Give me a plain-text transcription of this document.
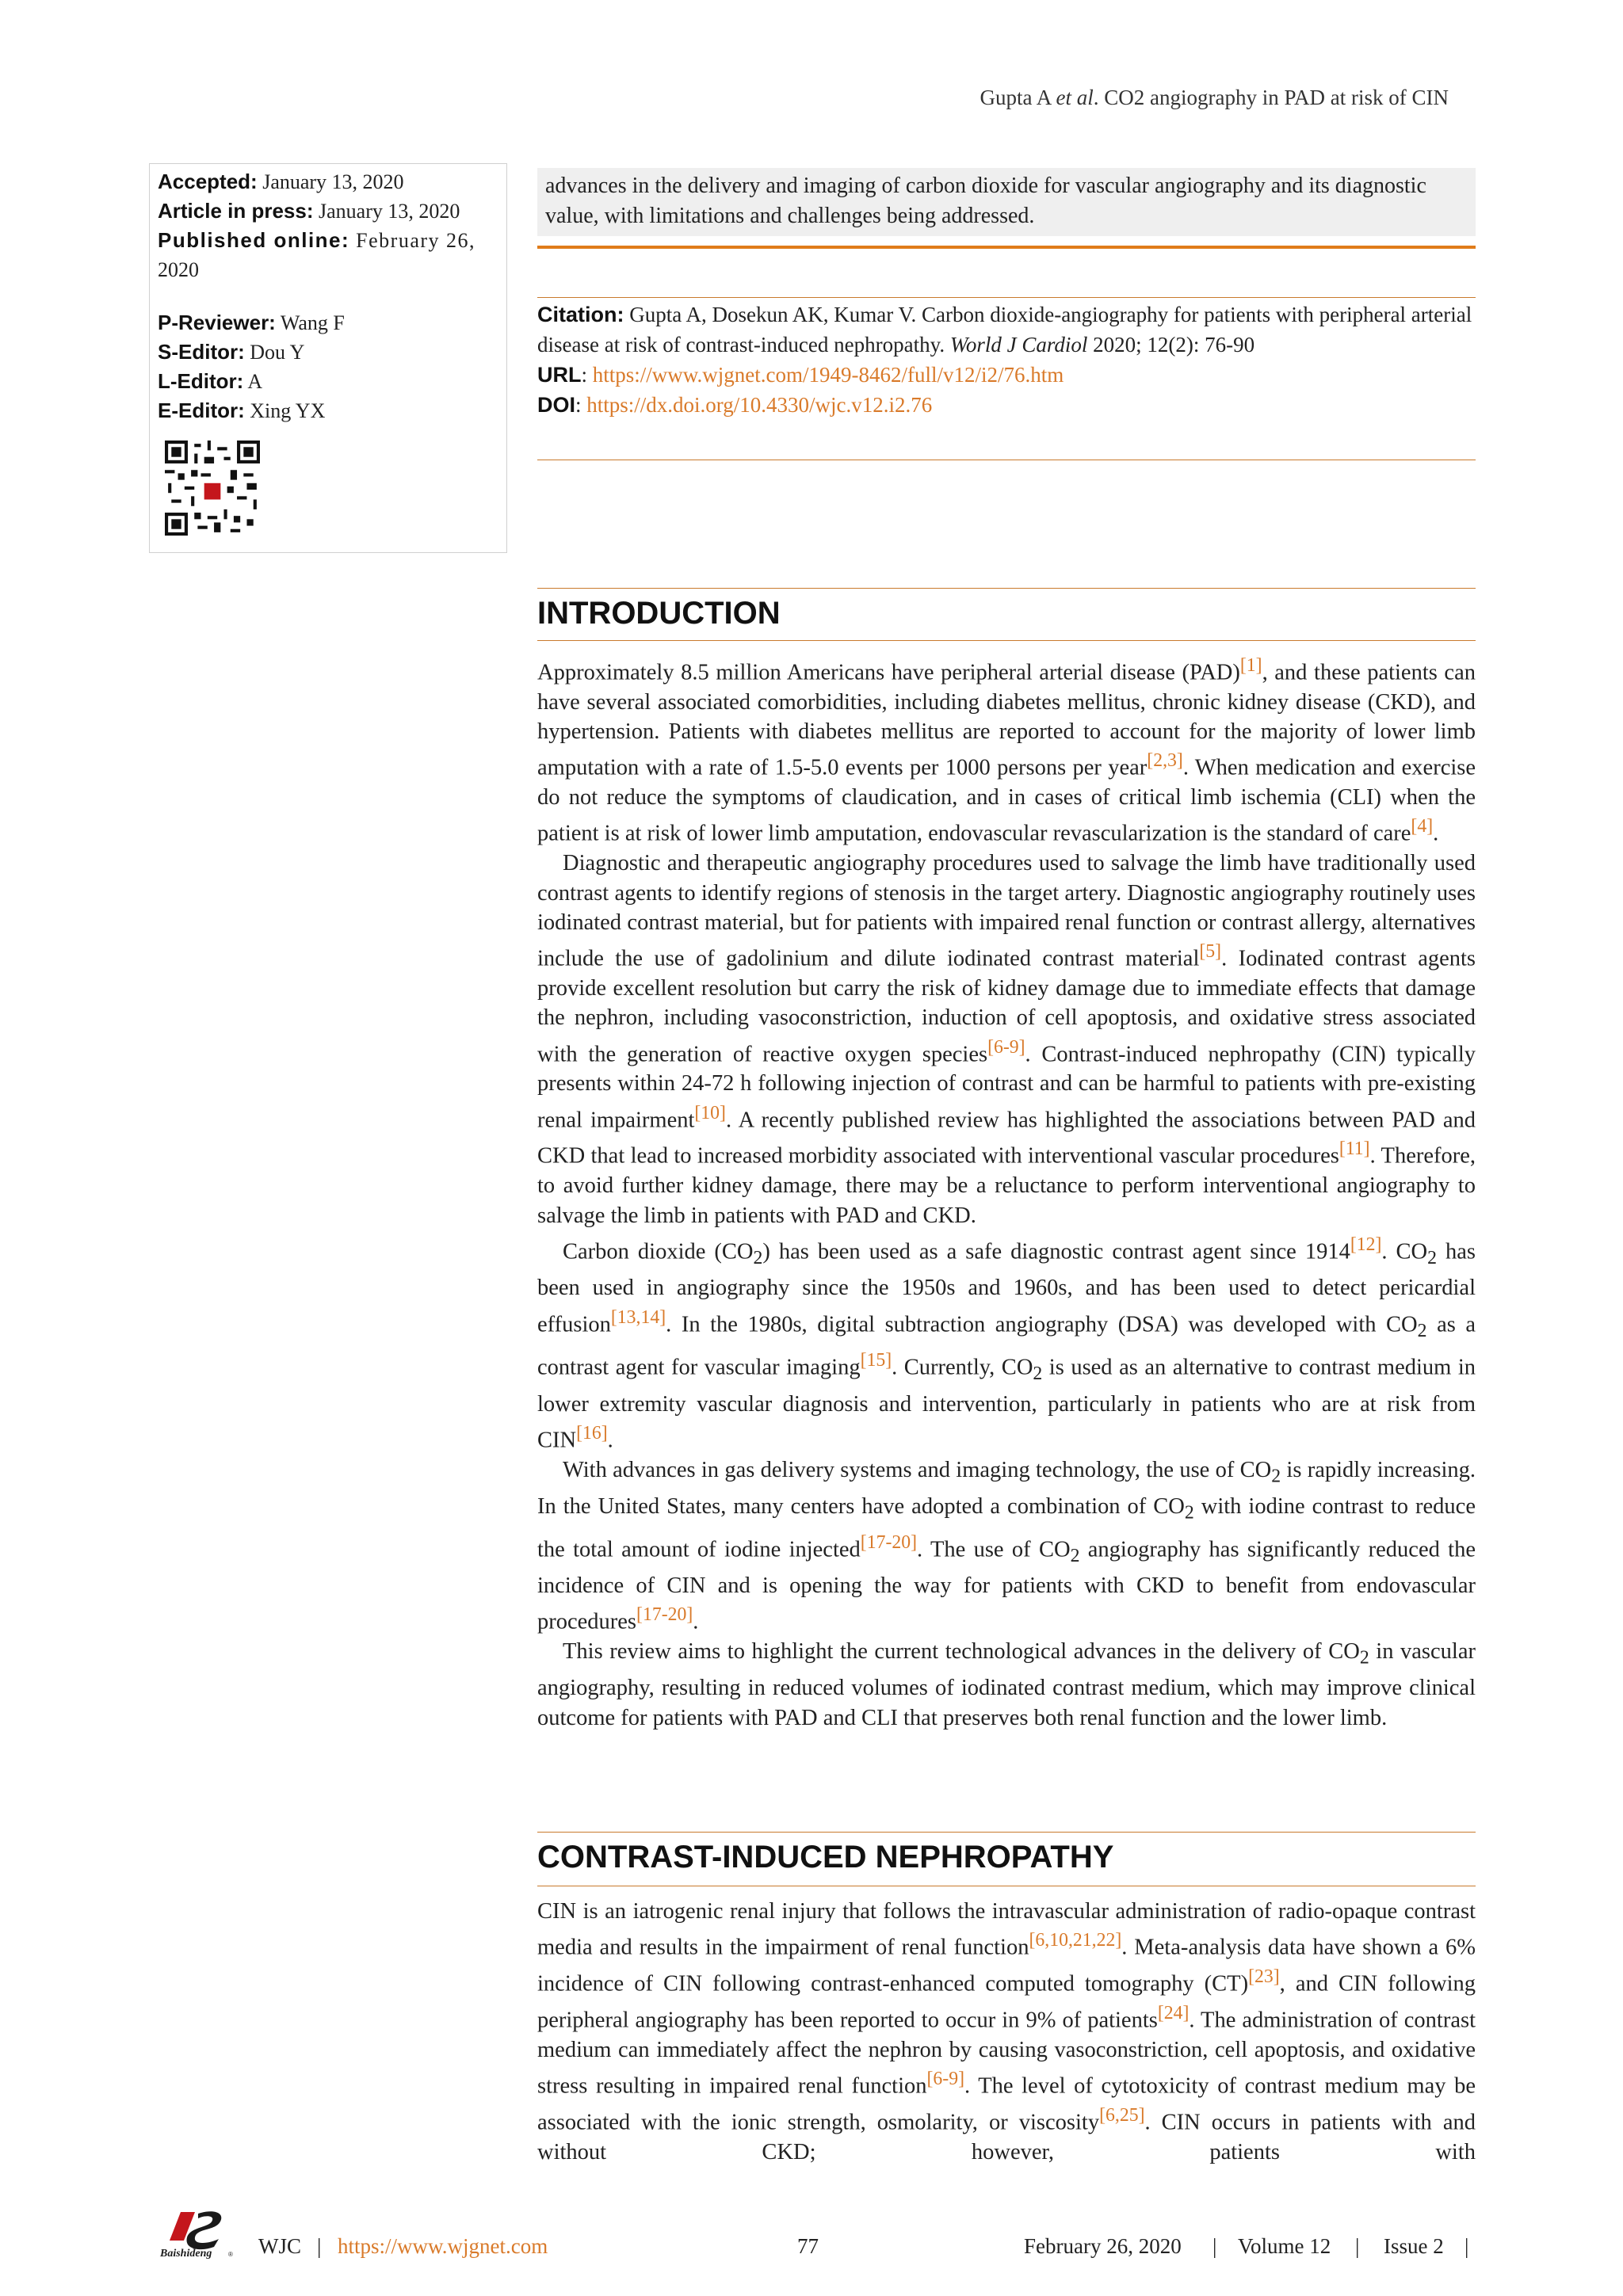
Gupta A et al. CO2 angiography in PAD at risk of CIN
Accepted: January 13, 2020
Article in press: January 13, 2020
Published online: February 26,
2020
P-Reviewer: Wang F
S-Editor: Dou Y
L-Editor: A
E-Editor: Xing YX
advances in the delivery and imaging of carbon dioxide for vascular angiography and its diagnostic value, with limitations and challenges being addressed.
Citation: Gupta A, Dosekun AK, Kumar V. Carbon dioxide-angiography for patients with peripheral arterial disease at risk of contrast-induced nephropathy. World J Cardiol 2020; 12(2): 76-90
URL: https://www.wjgnet.com/1949-8462/full/v12/i2/76.htm
DOI: https://dx.doi.org/10.4330/wjc.v12.i2.76
INTRODUCTION

Approximately 8.5 million Americans have peripheral arterial disease (PAD)[1], and these patients can have several associated comorbidities, including diabetes mellitus, chronic kidney disease (CKD), and hypertension. Patients with diabetes mellitus are reported to account for the majority of lower limb amputation with a rate of 1.5-5.0 events per 1000 persons per year[2,3]. When medication and exercise do not reduce the symptoms of claudication, and in cases of critical limb ischemia (CLI) when the patient is at risk of lower limb amputation, endovascular revascularization is the standard of care[4].

Diagnostic and therapeutic angiography procedures used to salvage the limb have traditionally used contrast agents to identify regions of stenosis in the target artery. Diagnostic angiography routinely uses iodinated contrast material, but for patients with impaired renal function or contrast allergy, alternatives include the use of gadolinium and dilute iodinated contrast material[5]. Iodinated contrast agents provide excellent resolution but carry the risk of kidney damage due to immediate effects that damage the nephron, including vasoconstriction, induction of cell apoptosis, and oxidative stress associated with the generation of reactive oxygen species[6-9]. Contrast-induced nephropathy (CIN) typically presents within 24-72 h following injection of contrast and can be harmful to patients with pre-existing renal impairment[10]. A recently published review has highlighted the associations between PAD and CKD that lead to increased morbidity associated with interventional vascular procedures[11]. Therefore, to avoid further kidney damage, there may be a reluctance to perform interventional angiography to salvage the limb in patients with PAD and CKD.

Carbon dioxide $(CO_2)$ has been used as a safe diagnostic contrast agent since 1914[12]. $CO_2$ has been used in angiography since the 1950s and 1960s, and has been used to detect pericardial effusion[13,14]. In the 1980s, digital subtraction angiography (DSA) was developed with $CO_2$ as a contrast agent for vascular imaging[15]. Currently, $CO_2$ is used as an alternative to contrast medium in lower extremity vascular diagnosis and intervention, particularly in patients who are at risk from CIN[16].

With advances in gas delivery systems and imaging technology, the use of $CO_2$ is rapidly increasing. In the United States, many centers have adopted a combination of $CO_2$ with iodine contrast to reduce the total amount of iodine injected[17-20]. The use of $CO_2$ angiography has significantly reduced the incidence of CIN and is opening the way for patients with CKD to benefit from endovascular procedures[17-20].

This review aims to highlight the current technological advances in the delivery of $CO_2$ in vascular angiography, resulting in reduced volumes of iodinated contrast medium, which may improve clinical outcome for patients with PAD and CLI that preserves both renal function and the lower limb.

CONTRAST-INDUCED NEPHROPATHY

CIN is an iatrogenic renal injury that follows the intravascular administration of radio-opaque contrast media and results in the impairment of renal function[6,10,21,22]. Meta-analysis data have shown a 6% incidence of CIN following contrast-enhanced computed tomography (CT)[23], and CIN following peripheral angiography has been reported to occur in 9% of patients[24]. The administration of contrast medium can immediately affect the nephron by causing vasoconstriction, cell apoptosis, and oxidative stress resulting in impaired renal function[6-9]. The level of cytotoxicity of contrast medium may be associated with the ionic strength, osmolarity, or viscosity[6,25]. CIN occurs in patients with and without CKD; however, patients with

Baishideng	® WJC | https://www.wjgnet.com	77	February 26, 2020 | Volume 12 | Issue 2 |
